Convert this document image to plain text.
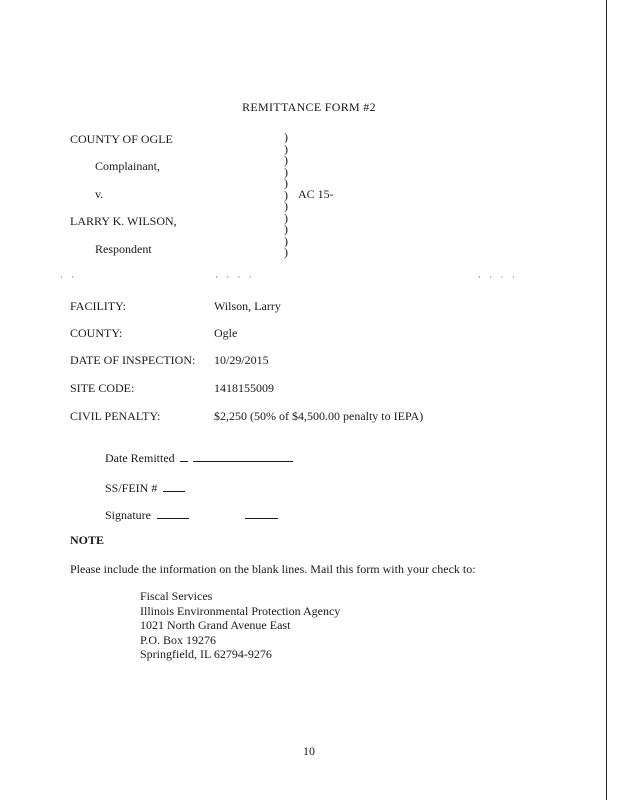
REMITTANCE FORM #2
COUNTY OF OGLE
Complainant,
v.
LARRY K. WILSON,
Respondent
AC 15-
)
)
)
)
)
)
)
)
)
)
)
· ·	· · · ·	· · · ·
FACILITY:	Wilson, Larry
COUNTY:	Ogle
DATE OF INSPECTION: 10/29/2015
SITE CODE:	1418155009
CIVIL PENALTY:	$2,250 (50% of $4,500.00 penalty to IEPA)
Date Remitted
SS/FEIN #
Signature
NOTE
Please include the information on the blank lines. Mail this form with your check to:
Fiscal Services
Illinois Environmental Protection Agency
1021 North Grand Avenue East
P.O. Box 19276
Springfield, IL 62794-9276
10
